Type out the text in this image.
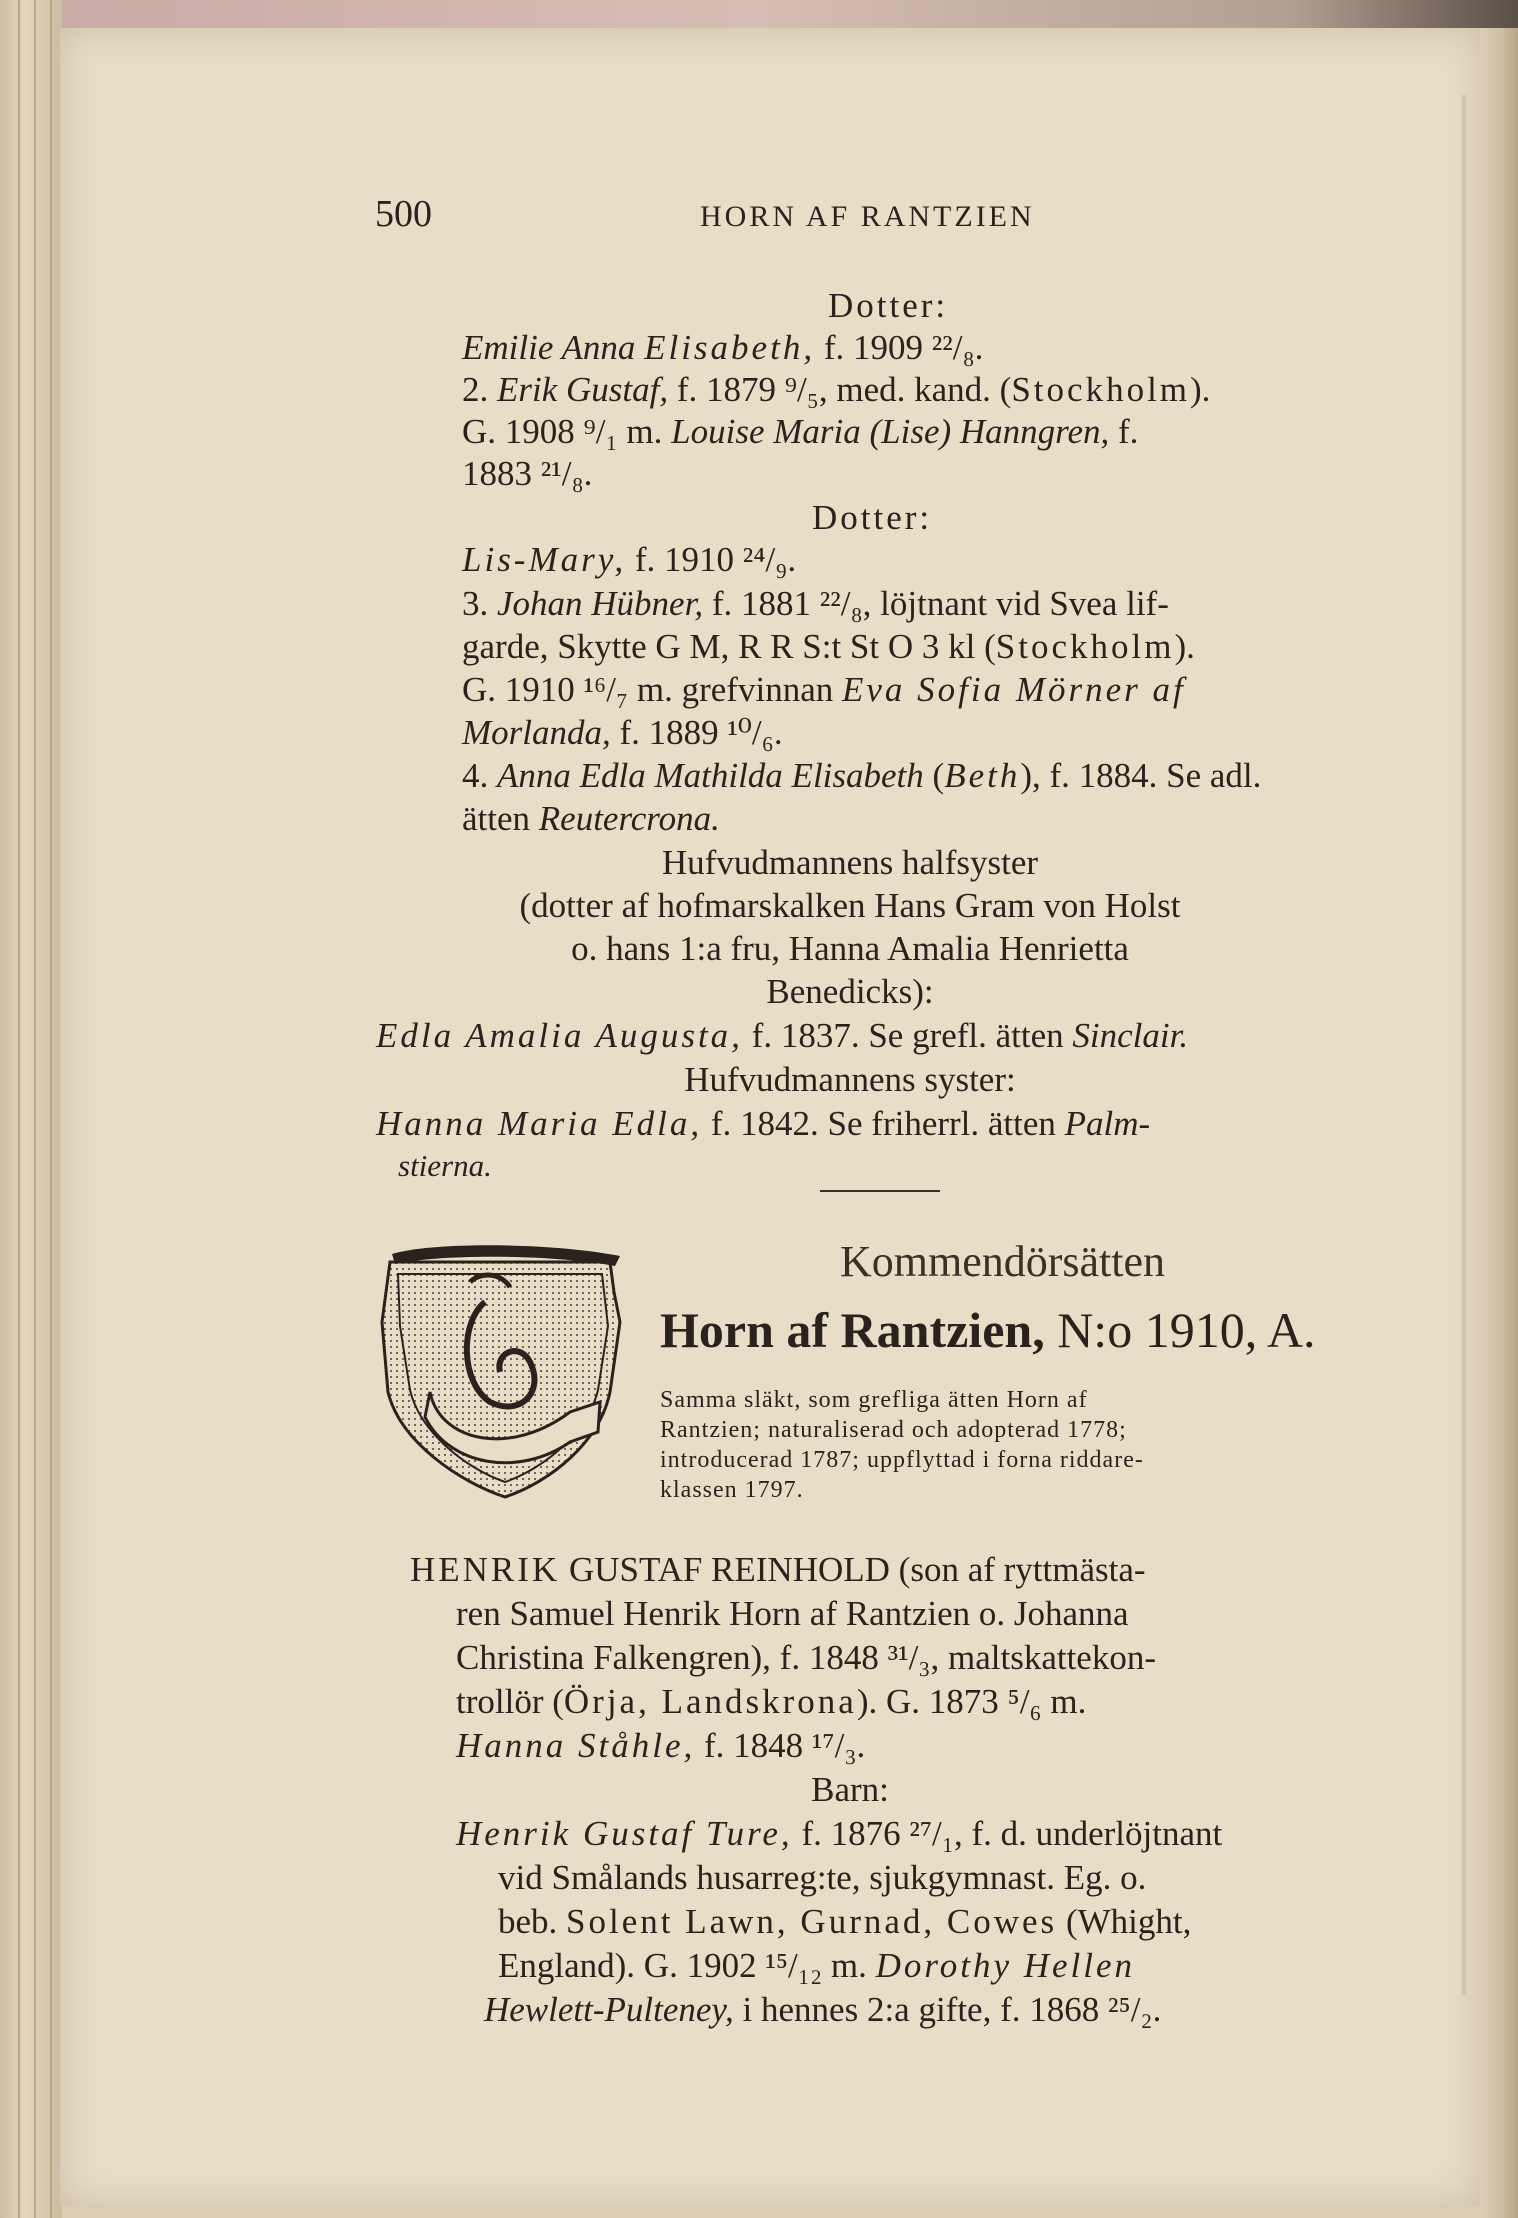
500	HORN AF RANTZIEN
Dotter:
Emilie Anna Elisabeth, f. 1909 ²²/₈.
2. Erik Gustaf, f. 1879 ⁹/₅, med. kand. (Stockholm).
G. 1908 ⁹/₁ m. Louise Maria (Lise) Hanngren, f.
1883 ²¹/₈.
Dotter:
Lis-Mary, f. 1910 ²⁴/₉.
3. Johan Hübner, f. 1881 ²²/₈, löjtnant vid Svea lif-
garde, Skytte G M, R R S:t St O 3 kl (Stockholm).
G. 1910 ¹⁶/₇ m. grefvinnan Eva Sofia Mörner af
Morlanda, f. 1889 ¹⁰/₆.
4. Anna Edla Mathilda Elisabeth (Beth), f. 1884. Se adl.
ätten Reutercrona.
Hufvudmannens halfsyster
(dotter af hofmarskalken Hans Gram von Holst
o. hans 1:a fru, Hanna Amalia Henrietta
Benedicks):
Edla Amalia Augusta, f. 1837. Se grefl. ätten Sinclair.
Hufvudmannens syster:
Hanna Maria Edla, f. 1842. Se friherrl. ätten Palm-
stierna.
Kommendörsätten
Horn af Rantzien, N:o 1910, A.
Samma släkt, som grefliga ätten Horn af
Rantzien; naturaliserad och adopterad 1778;
introducerad 1787; uppflyttad i forna riddare-
klassen 1797.
HENRIK GUSTAF REINHOLD (son af ryttmästa-
ren Samuel Henrik Horn af Rantzien o. Johanna
Christina Falkengren), f. 1848 ³¹/₃, maltskattekon-
trollör (Örja, Landskrona). G. 1873 ⁵/₆ m.
Hanna Ståhle, f. 1848 ¹⁷/₃.
Barn:
Henrik Gustaf Ture, f. 1876 ²⁷/₁, f. d. underlöjtnant
vid Smålands husarreg:te, sjukgymnast. Eg. o.
beb. Solent Lawn, Gurnad, Cowes (Whight,
England). G. 1902 ¹⁵/₁₂ m. Dorothy Hellen
Hewlett-Pulteney, i hennes 2:a gifte, f. 1868 ²⁵/₂.
